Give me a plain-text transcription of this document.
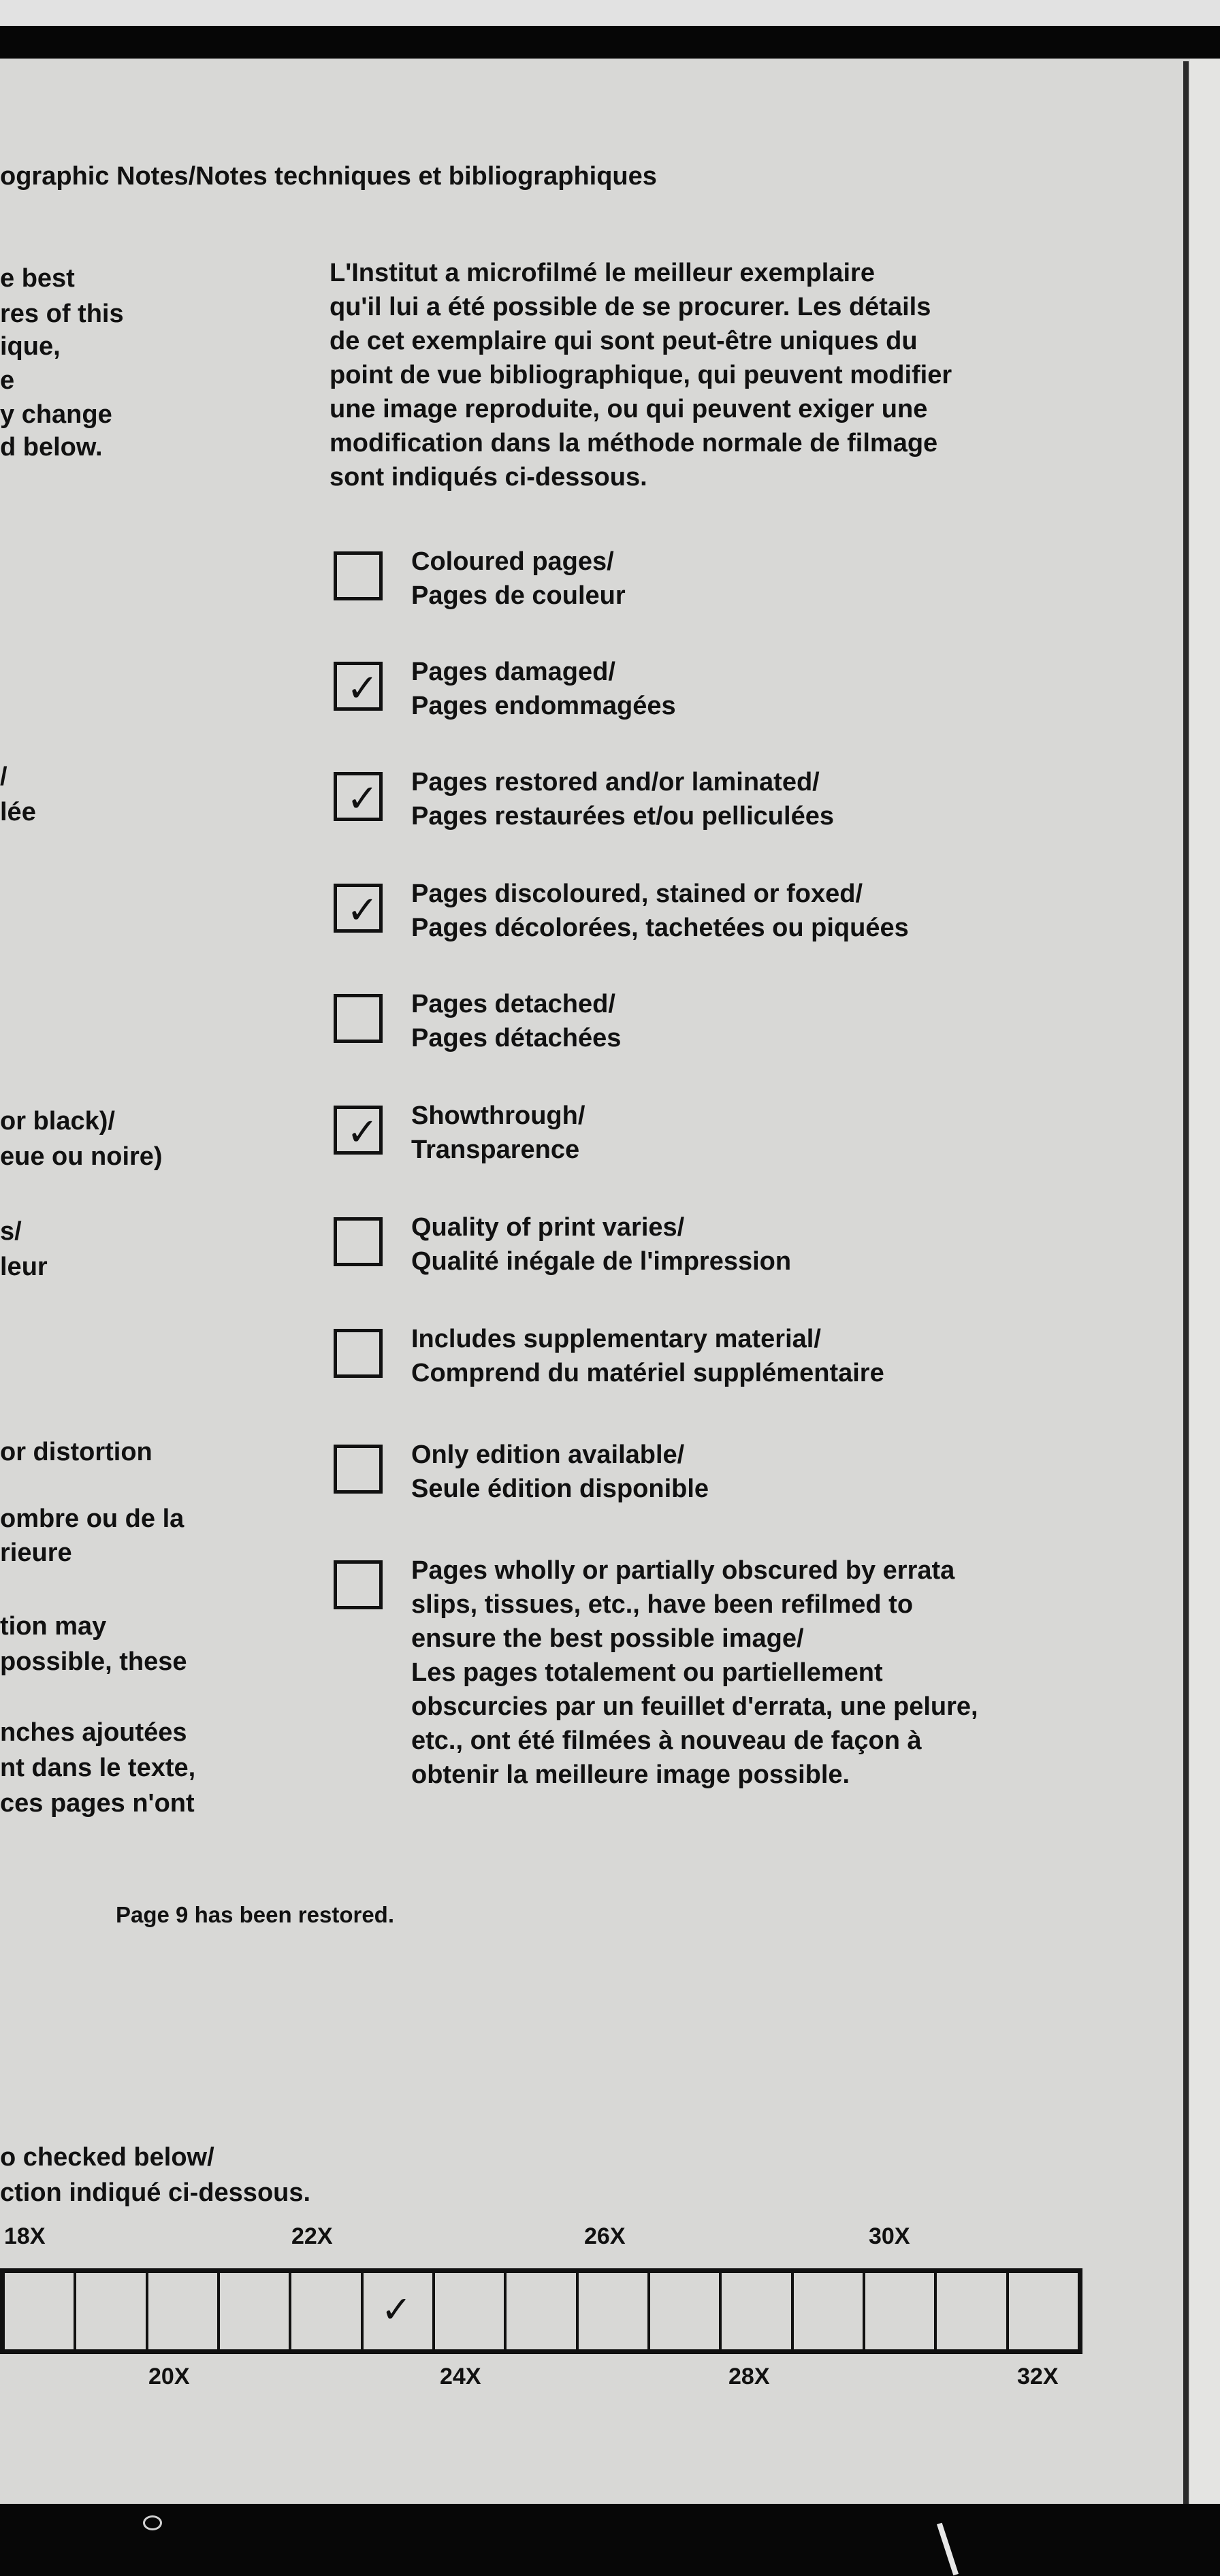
ographic Notes/Notes techniques et bibliographiques
e best
res of this
ique,
e
y change
d below.
/
lée
or black)/
eue ou noire)
s/
leur
or distortion
ombre ou de la
rieure
tion may
possible, these
nches ajoutées
nt dans le texte,
ces pages n'ont
L'Institut a microfilmé le meilleur exemplaire
qu'il lui a été possible de se procurer. Les détails
de cet exemplaire qui sont peut-être uniques du
point de vue bibliographique, qui peuvent modifier
une image reproduite, ou qui peuvent exiger une
modification dans la méthode normale de filmage
sont indiqués ci-dessous.
Coloured pages/
Pages de couleur
✓ Pages damaged/
Pages endommagées
✓ Pages restored and/or laminated/
Pages restaurées et/ou pelliculées
✓ Pages discoloured, stained or foxed/
Pages décolorées, tachetées ou piquées
Pages detached/
Pages détachées
✓ Showthrough/
Transparence
Quality of print varies/
Qualité inégale de l'impression
Includes supplementary material/
Comprend du matériel supplémentaire
Only edition available/
Seule édition disponible
Pages wholly or partially obscured by errata
slips, tissues, etc., have been refilmed to
ensure the best possible image/
Les pages totalement ou partiellement
obscurcies par un feuillet d'errata, une pelure,
etc., ont été filmées à nouveau de façon à
obtenir la meilleure image possible.
Page 9 has been restored.
o checked below/
ction indiqué ci-dessous.
18X	22X	26X	30X
20X	24X	28X	32X
✓
